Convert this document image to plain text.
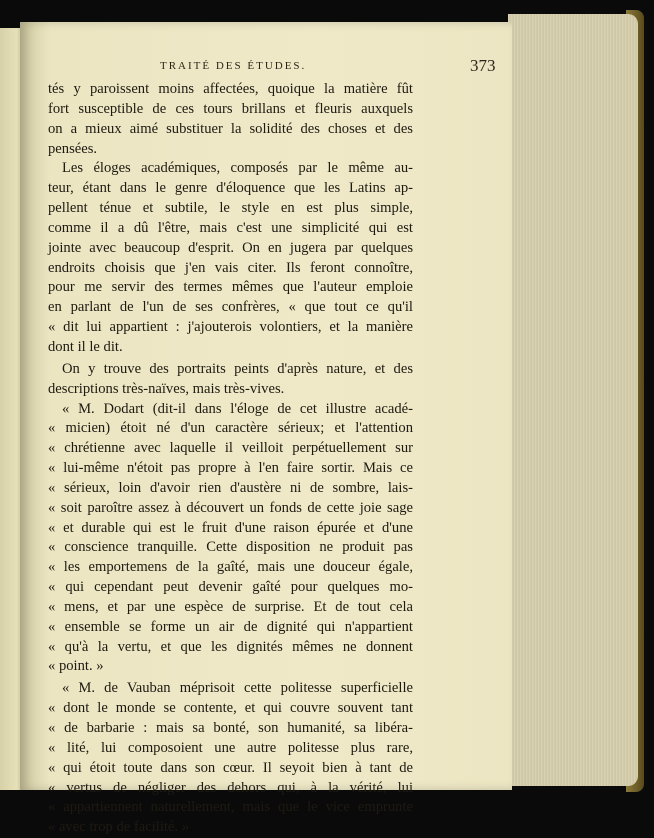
TRAITÉ DES ÉTUDES.	373

tés y paroissent moins affectées, quoique la matière fût
fort susceptible de ces tours brillans et fleuris auxquels
on a mieux aimé substituer la solidité des choses et des
pensées.

Les éloges académiques, composés par le même au-
teur, étant dans le genre d'éloquence que les Latins ap-
pellent ténue et subtile, le style en est plus simple,
comme il a dû l'être, mais c'est une simplicité qui est
jointe avec beaucoup d'esprit. On en jugera par quelques
endroits choisis que j'en vais citer. Ils feront connoître,
pour me servir des termes mêmes que l'auteur emploie
en parlant de l'un de ses confrères, « que tout ce qu'il
« dit lui appartient : j'ajouterois volontiers, et la manière
dont il le dit.

On y trouve des portraits peints d'après nature, et des
descriptions très-naïves, mais très-vives.

« M. Dodart (dit-il dans l'éloge de cet illustre acadé-
« micien) étoit né d'un caractère sérieux; et l'attention
« chrétienne avec laquelle il veilloit perpétuellement sur
« lui-même n'étoit pas propre à l'en faire sortir. Mais ce
« sérieux, loin d'avoir rien d'austère ni de sombre, lais-
« soit paroître assez à découvert un fonds de cette joie sage
« et durable qui est le fruit d'une raison épurée et d'une
« conscience tranquille. Cette disposition ne produit pas
« les emportemens de la gaîté, mais une douceur égale,
« qui cependant peut devenir gaîté pour quelques mo-
« mens, et par une espèce de surprise. Et de tout cela
« ensemble se forme un air de dignité qui n'appartient
« qu'à la vertu, et que les dignités mêmes ne donnent
« point. »

« M. de Vauban méprisoit cette politesse superficielle
« dont le monde se contente, et qui couvre souvent tant
« de barbarie : mais sa bonté, son humanité, sa libéra-
« lité, lui composoient une autre politesse plus rare,
« qui étoit toute dans son cœur. Il seyoit bien à tant de
« vertus de négliger des dehors qui, à la vérité, lui
« appartiennent naturellement, mais que le vice emprunte
« avec trop de facilité. »
